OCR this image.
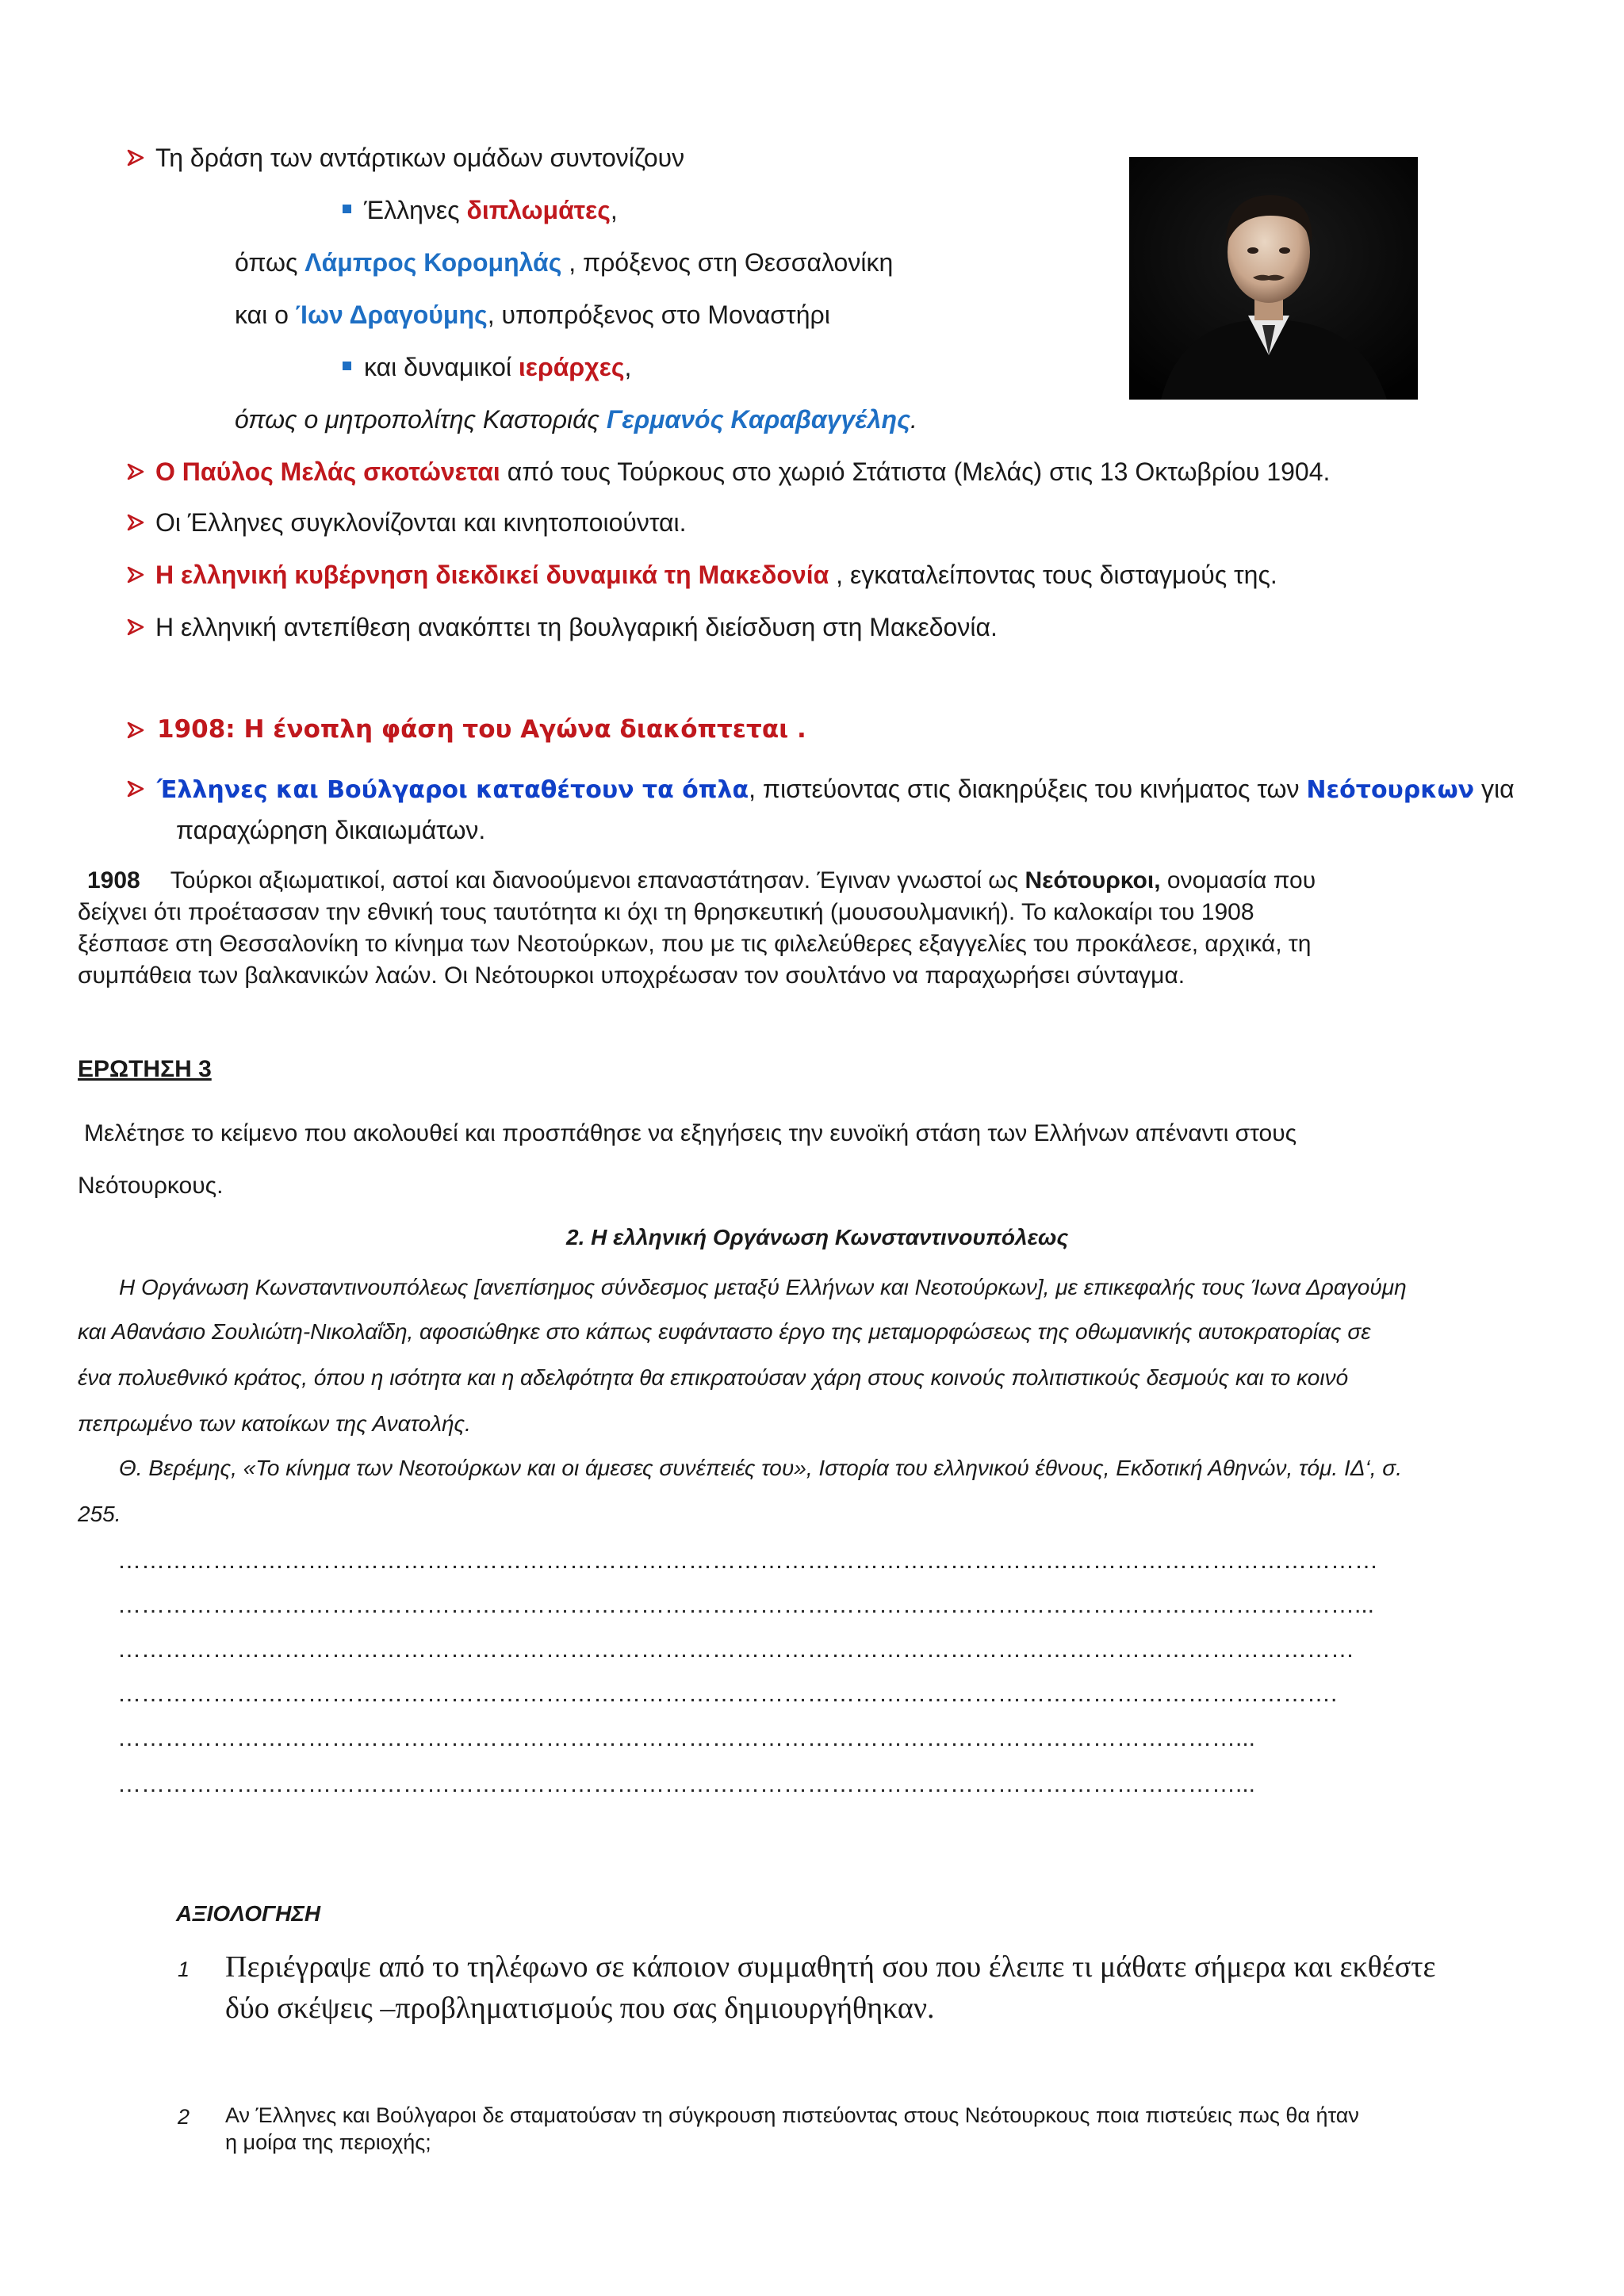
Τη δράση των αντάρτικων ομάδων συντονίζουν
Έλληνες διπλωμάτες,
όπως Λάμπρος Κορομηλάς , πρόξενος στη Θεσσαλονίκη
και ο Ίων Δραγούμης, υποπρόξενος στο Μοναστήρι
και δυναμικοί ιεράρχες,
όπως ο μητροπολίτης Καστοριάς Γερμανός Καραβαγγέλης.
Ο Παύλος Μελάς σκοτώνεται από τους Τούρκους στο χωριό Στάτιστα (Μελάς) στις 13 Οκτωβρίου 1904.
Οι Έλληνες συγκλονίζονται και κινητοποιούνται.
Η ελληνική κυβέρνηση διεκδικεί δυναμικά τη Μακεδονία , εγκαταλείποντας τους δισταγμούς της.
Η ελληνική αντεπίθεση ανακόπτει τη βουλγαρική διείσδυση στη Μακεδονία.
1908: Η ένοπλη φάση του Αγώνα διακόπτεται .
Έλληνες και Βούλγαροι καταθέτουν τα όπλα, πιστεύοντας στις διακηρύξεις του κινήματος των Νεότουρκων για
παραχώρηση δικαιωμάτων.
1908 Τούρκοι αξιωματικοί, αστοί και διανοούμενοι επαναστάτησαν. Έγιναν γνωστοί ως Νεότουρκοι, ονομασία που
δείχνει ότι προέτασσαν την εθνική τους ταυτότητα κι όχι τη θρησκευτική (μουσουλμανική). Το καλοκαίρι του 1908
ξέσπασε στη Θεσσαλονίκη το κίνημα των Νεοτούρκων, που με τις φιλελεύθερες εξαγγελίες του προκάλεσε, αρχικά, τη
συμπάθεια των βαλκανικών λαών. Οι Νεότουρκοι υποχρέωσαν τον σουλτάνο να παραχωρήσει σύνταγμα.
ΕΡΩΤΗΣΗ 3
Μελέτησε το κείμενο που ακολουθεί και προσπάθησε να εξηγήσεις την ευνοϊκή στάση των Ελλήνων απέναντι στους
Νεότουρκους.
2. Η ελληνική Οργάνωση Κωνσταντινουπόλεως
Η Οργάνωση Κωνσταντινουπόλεως [ανεπίσημος σύνδεσμος μεταξύ Ελλήνων και Νεοτούρκων], με επικεφαλής τους Ίωνα Δραγούμη
και Αθανάσιο Σουλιώτη-Νικολαΐδη, αφοσιώθηκε στο κάπως ευφάνταστο έργο της μεταμορφώσεως της οθωμανικής αυτοκρατορίας σε
ένα πολυεθνικό κράτος, όπου η ισότητα και η αδελφότητα θα επικρατούσαν χάρη στους κοινούς πολιτιστικούς δεσμούς και το κοινό
πεπρωμένο των κατοίκων της Ανατολής.
Θ. Βερέμης, «Το κίνημα των Νεοτούρκων και οι άμεσες συνέπειές του», Ιστορία του ελληνικού έθνους, Εκδοτική Αθηνών, τόμ. ΙΔ‘, σ.
255.
……………………………………………………………………………………………………………………………………………
…………………………………………………………………………………………………………………………………………...
…………………………………………………………………………………………………………………………………………
……………………………………………………………………………………………………………………………………….
……………………………………………………………………………………………………………………………...
……………………………………………………………………………………………………………………………...
ΑΞΙΟΛΟΓΗΣΗ
1 Περιέγραψε από το τηλέφωνο σε κάποιον συμμαθητή σου που έλειπε τι μάθατε σήμερα και εκθέστε
δύο σκέψεις –προβληματισμούς που σας δημιουργήθηκαν.
2 Αν Έλληνες και Βούλγαροι δε σταματούσαν τη σύγκρουση πιστεύοντας στους Νεότουρκους ποια πιστεύεις πως θα ήταν
η μοίρα της περιοχής;
